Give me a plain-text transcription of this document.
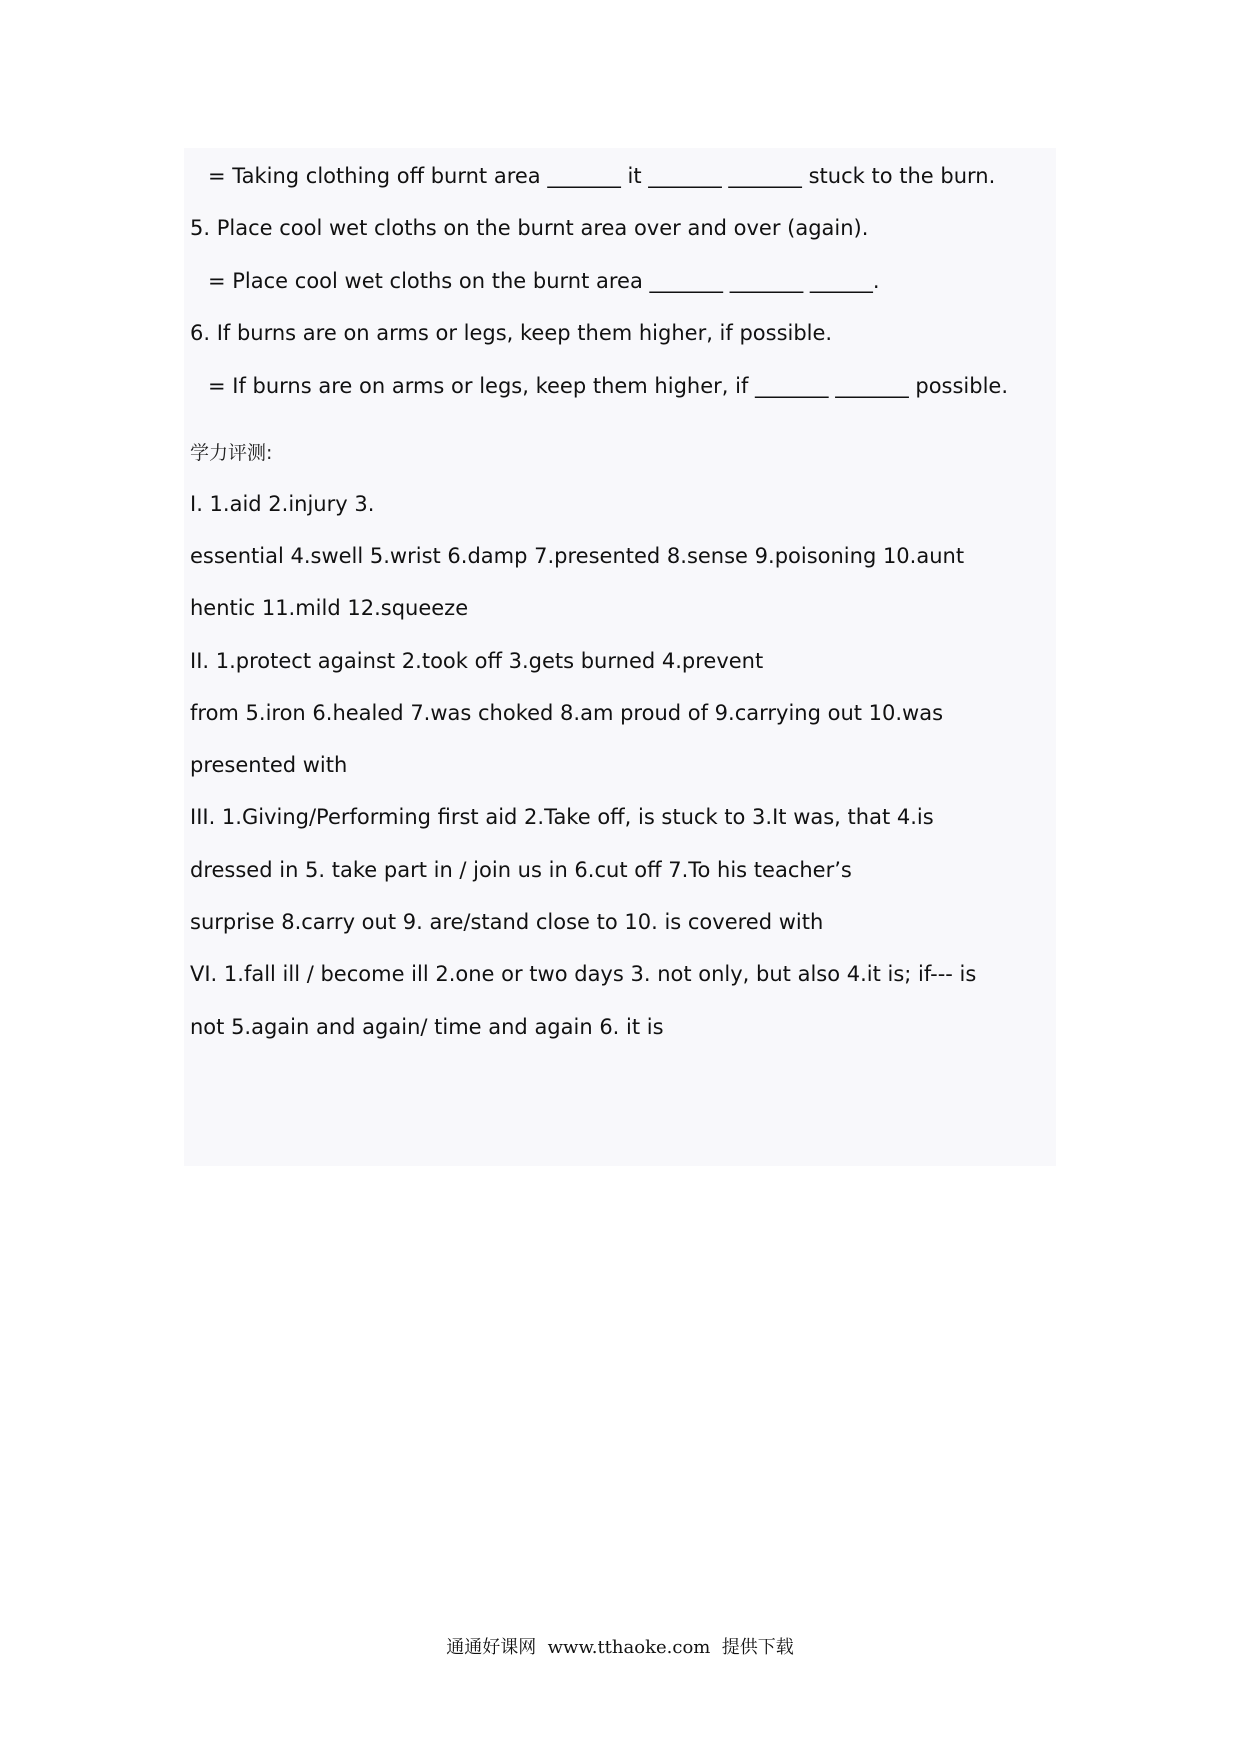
= Taking clothing off burnt area _______ it _______ _______ stuck to the burn.
5. Place cool wet cloths on the burnt area over and over (again).
= Place cool wet cloths on the burnt area _______ _______ ______.
6. If burns are on arms or legs, keep them higher, if possible.
= If burns are on arms or legs, keep them higher, if _______ _______ possible.
学力评测:
I. 1.aid 2.injury 3.
essential 4.swell 5.wrist 6.damp 7.presented 8.sense 9.poisoning 10.aunt
hentic 11.mild 12.squeeze
II. 1.protect against 2.took off 3.gets burned 4.prevent
from 5.iron 6.healed 7.was choked 8.am proud of 9.carrying out 10.was
presented with
III. 1.Giving/Performing first aid 2.Take off, is stuck to 3.It was, that 4.is
dressed in 5. take part in / join us in 6.cut off 7.To his teacher’s
surprise 8.carry out 9. are/stand close to 10. is covered with
VI. 1.fall ill / become ill 2.one or two days 3. not only, but also 4.it is; if--- is
not 5.again and again/ time and again 6. it is
通通好课网  www.tthaoke.com  提供下载
